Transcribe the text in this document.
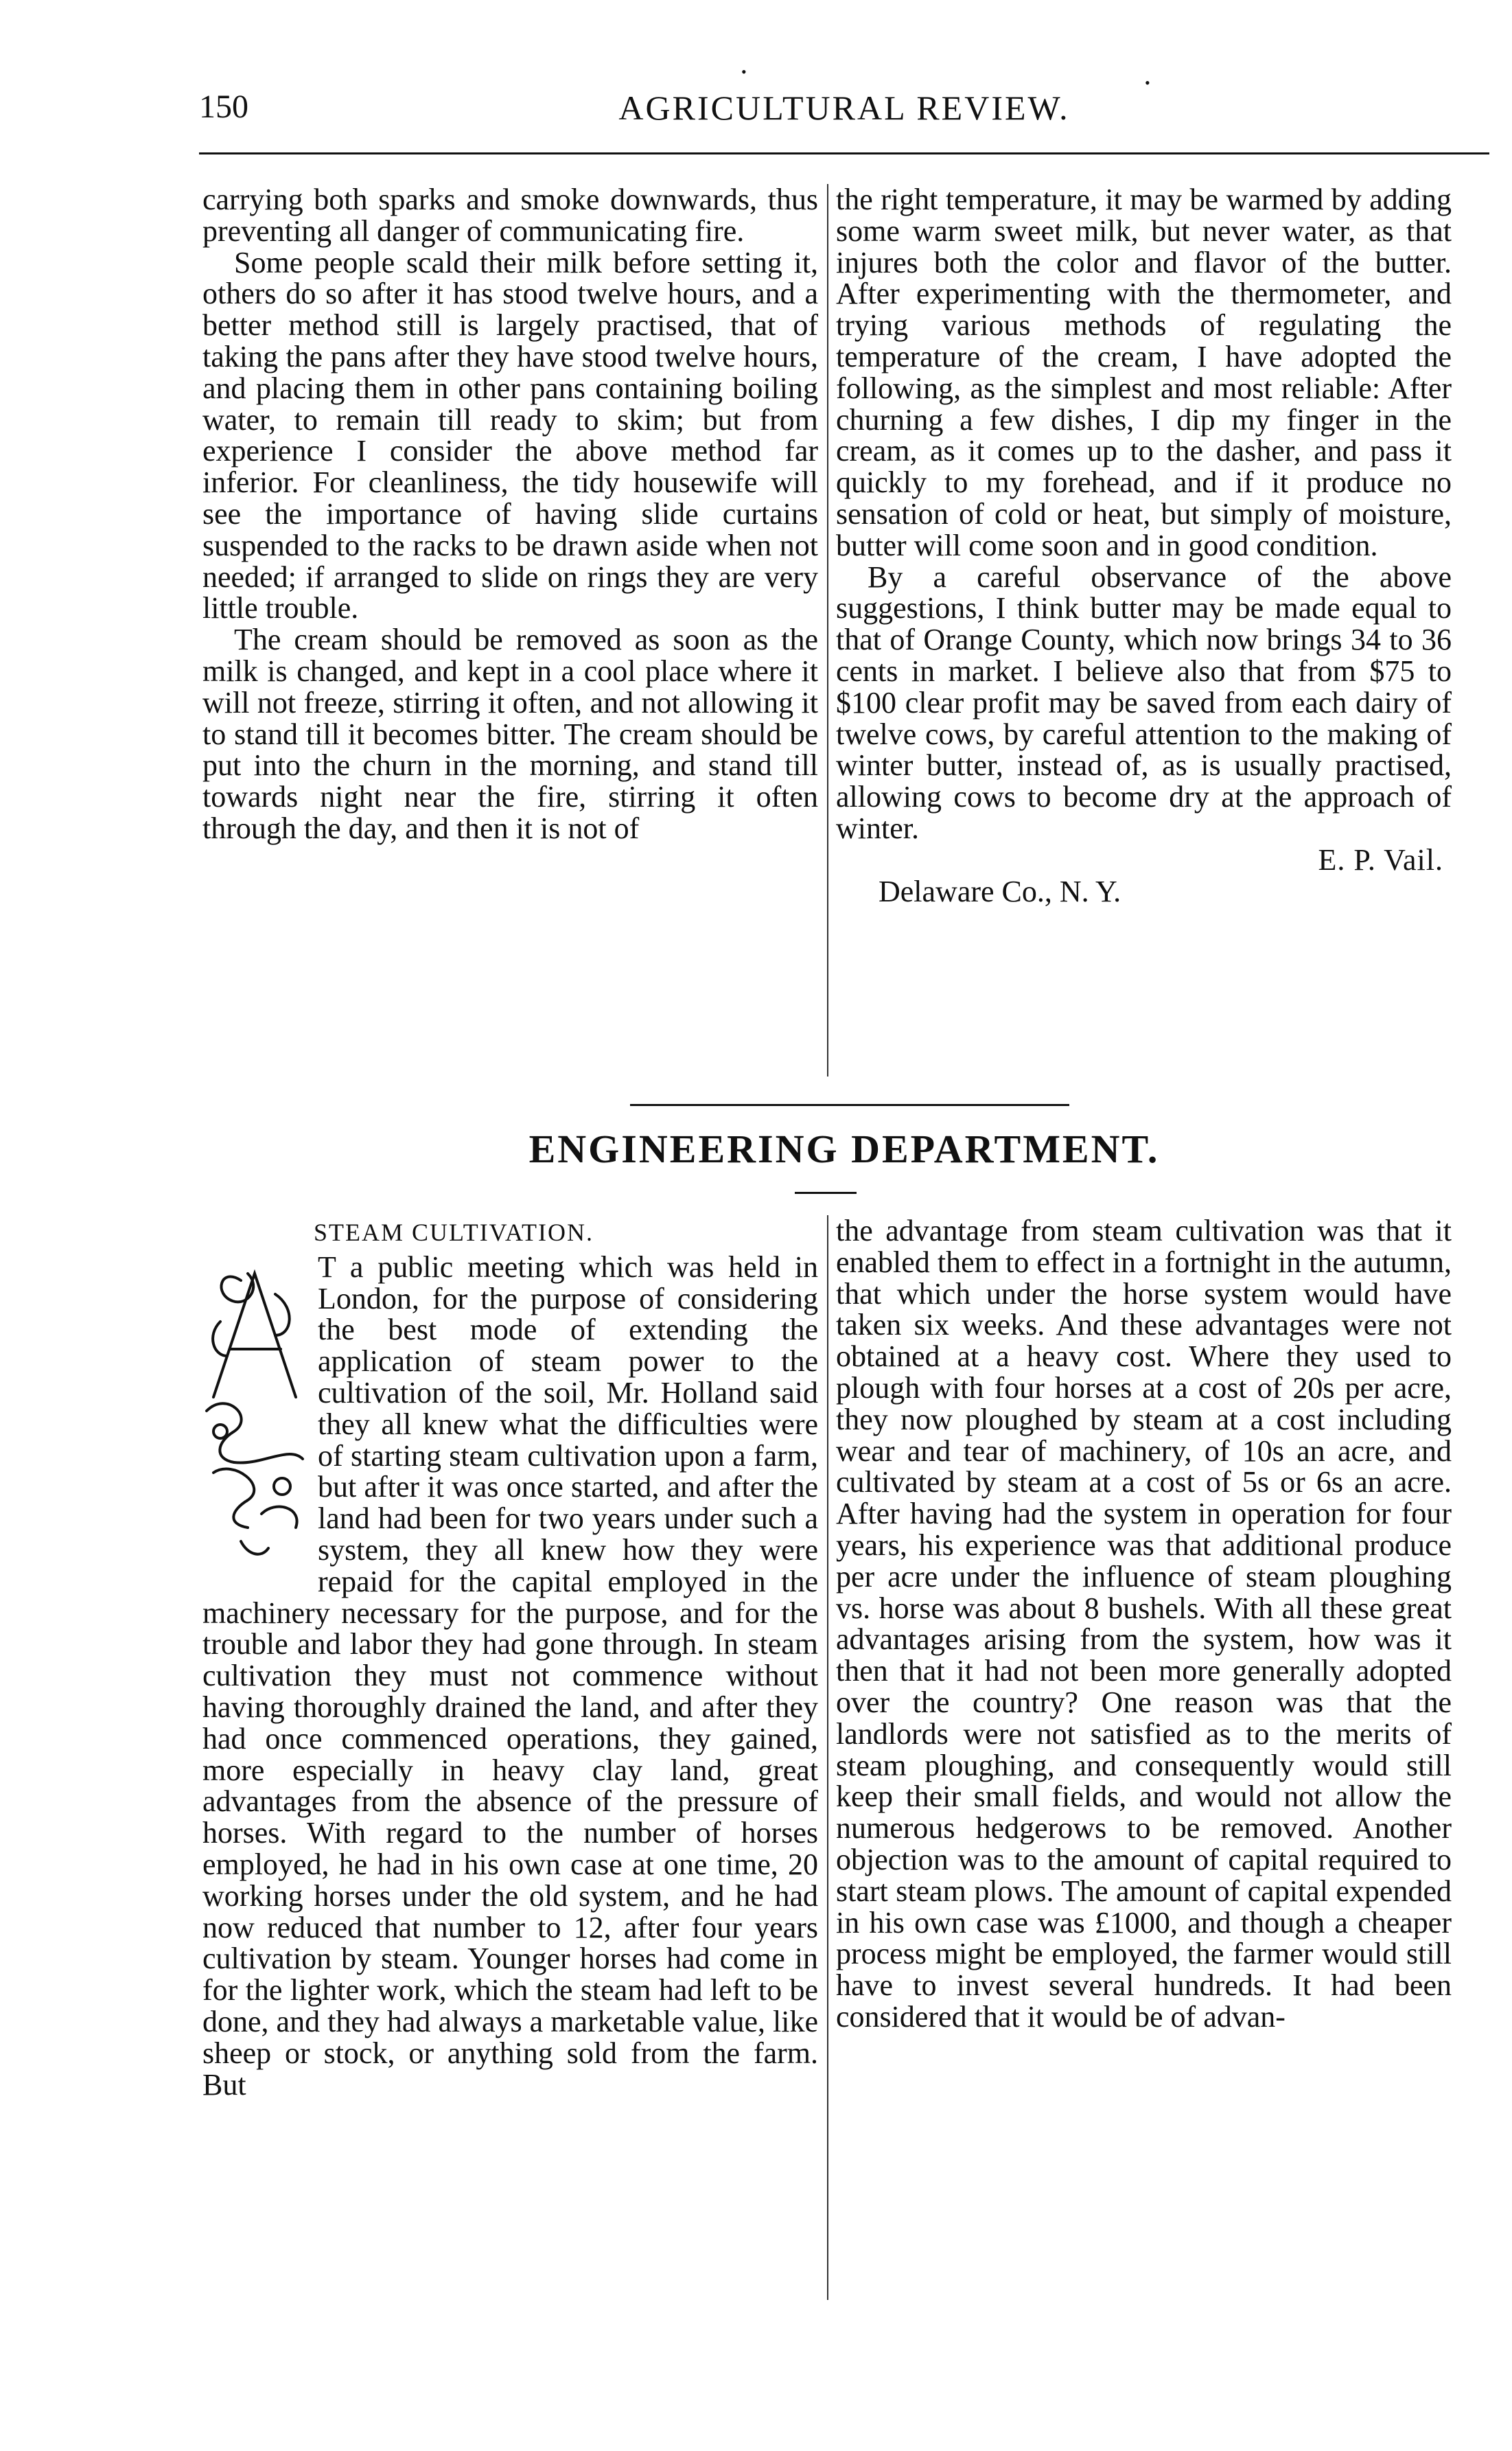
•
•
150	AGRICULTURAL REVIEW.

carrying both sparks and smoke downwards, thus preventing all danger of communicating fire.

Some people scald their milk before setting it, others do so after it has stood twelve hours, and a better method still is largely practised, that of taking the pans after they have stood twelve hours, and placing them in other pans containing boiling water, to remain till ready to skim; but from experience I consider the above method far inferior. For cleanliness, the tidy housewife will see the importance of having slide curtains suspended to the racks to be drawn aside when not needed; if arranged to slide on rings they are very little trouble.

The cream should be removed as soon as the milk is changed, and kept in a cool place where it will not freeze, stirring it often, and not allowing it to stand till it becomes bitter. The cream should be put into the churn in the morning, and stand till towards night near the fire, stirring it often through the day, and then it is not of

the right temperature, it may be warmed by adding some warm sweet milk, but never water, as that injures both the color and flavor of the butter. After experimenting with the thermometer, and trying various methods of regulating the temperature of the cream, I have adopted the following, as the simplest and most reliable: After churning a few dishes, I dip my finger in the cream, as it comes up to the dasher, and pass it quickly to my forehead, and if it produce no sensation of cold or heat, but simply of moisture, butter will come soon and in good condition.

By a careful observance of the above suggestions, I think butter may be made equal to that of Orange County, which now brings 34 to 36 cents in market. I believe also that from $75 to $100 clear profit may be saved from each dairy of twelve cows, by careful attention to the making of winter butter, instead of, as is usually practised, allowing cows to become dry at the approach of winter.

E. P. Vail.

Delaware Co., N. Y.

ENGINEERING DEPARTMENT.

STEAM CULTIVATION.

T a public meeting which was held in London, for the purpose of considering the best mode of extending the application of steam power to the cultivation of the soil, Mr. Holland said they all knew what the difficulties were of starting steam cultivation upon a farm, but after it was once started, and after the land had been for two years under such a system, they all knew how they were repaid for the capital employed in the machinery necessary for the purpose, and for the trouble and labor they had gone through. In steam cultivation they must not commence without having thoroughly drained the land, and after they had once commenced operations, they gained, more especially in heavy clay land, great advantages from the absence of the pressure of horses. With regard to the number of horses employed, he had in his own case at one time, 20 working horses under the old system, and he had now reduced that number to 12, after four years cultivation by steam. Younger horses had come in for the lighter work, which the steam had left to be done, and they had always a marketable value, like sheep or stock, or anything sold from the farm. But

the advantage from steam cultivation was that it enabled them to effect in a fortnight in the autumn, that which under the horse system would have taken six weeks. And these advantages were not obtained at a heavy cost. Where they used to plough with four horses at a cost of 20s per acre, they now ploughed by steam at a cost including wear and tear of machinery, of 10s an acre, and cultivated by steam at a cost of 5s or 6s an acre. After having had the system in operation for four years, his experience was that additional produce per acre under the influence of steam ploughing vs. horse was about 8 bushels. With all these great advantages arising from the system, how was it then that it had not been more generally adopted over the country? One reason was that the landlords were not satisfied as to the merits of steam ploughing, and consequently would still keep their small fields, and would not allow the numerous hedgerows to be removed. Another objection was to the amount of capital required to start steam plows. The amount of capital expended in his own case was £1000, and though a cheaper process might be employed, the farmer would still have to invest several hundreds. It had been considered that it would be of advan-
